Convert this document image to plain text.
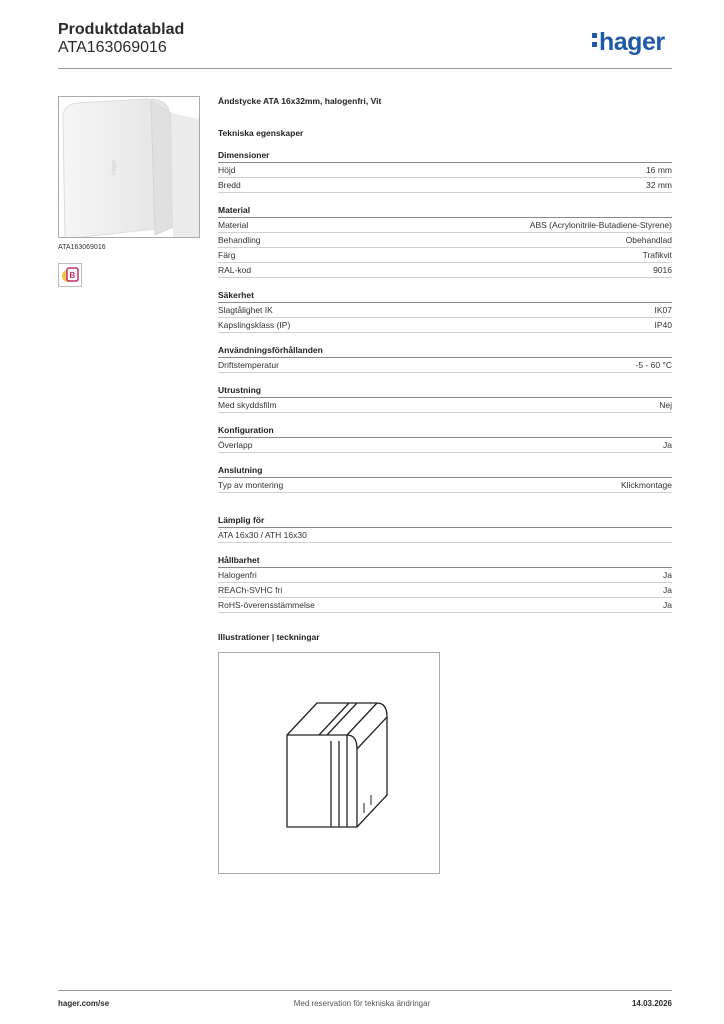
Produktdatablad
ATA163069016	hager
hager
ATA163069016
B
Ändstycke ATA 16x32mm, halogenfri, Vit
Tekniska egenskaper
Dimensioner
Höjd	16 mm
Bredd	32 mm
Material
Material	ABS (Acrylonitrile-Butadiene-Styrene)
Behandling	Obehandlad
Färg	Trafikvit
RAL-kod	9016
Säkerhet
Slagtålighet IK	IK07
Kapslingsklass (IP)	IP40
Användningsförhållanden
Driftstemperatur	-5 - 60 °C
Utrustning
Med skyddsfilm	Nej
Konfiguration
Överlapp	Ja
Anslutning
Typ av montering	Klickmontage
Lämplig för
ATA 16x30 / ATH 16x30
Hållbarhet
Halogenfri	Ja
REACh-SVHC fri	Ja
RoHS-överensstämmelse	Ja
Illustrationer | teckningar
hager.com/se	Med reservation för tekniska ändringar	14.03.2026
